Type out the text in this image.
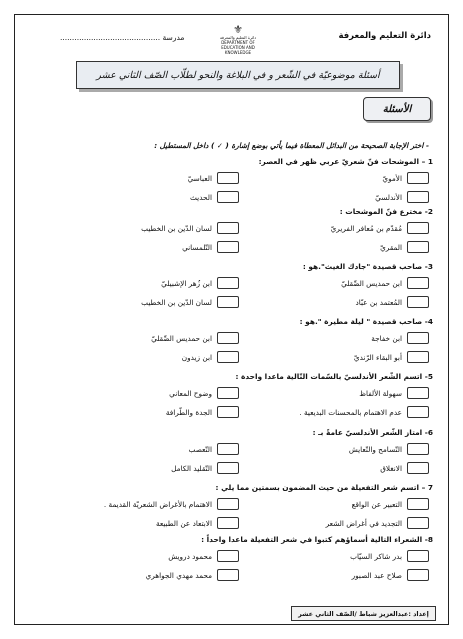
مدرسة ..........................................
⚜
دائرة التعليم والمعرفة
DEPARTMENT OF EDUCATION AND KNOWLEDGE
دائرة التعليم والمعرفة
أسئلة موضوعيّة في الشّعر و في البلاغة والنحو لطلّاب الصّف الثاني عشر
الأسئلة
- اختر الإجابة الصحيحة من البدائل المعطاة فيما يأتي بوضع إشارة ( ✓ ) داخل المستطيل :
1 – الموشحات فنّ شعريّ عربي ظهر في العصر:
الأمويّ
العباسيّ
الأندلسيّ
الحديث
2- مخترع فنّ الموشحات :
مُقدّم بن مُعافر الفريريّ
لسان الدّين بن الخطيب
المقريّ
التّلمساني
3- صاحب قصيدة "جادك الغيث".هو :
ابن حمديس الصِّقليّ
ابن زُهر الإشبيليّ
المُعتمد بن عبّاد
لسان الدّين بن الخطيب
4- صاحب قصيدة " ليلة مطيرة ".هو :
ابن خفاجة
ابن حمديس الصِّقليّ
أبو البقاء الرّنديّ
ابن زيدون
5- اتسم الشّعر الأندلسيّ بالسّمات التّالية ماعدا واحدة :
سهولة الألفاظ
وضوح المعاني
عدم الاهتمام بالمحسنات البديعية .
الجدة والطّرافة
6- امتاز الشّعر الأندلسيّ عامةً بـ :
التّسامح والتّعايش
التّعصب
الانغلاق
التّقليد الكامل
7 – اتسم شعر التفعيلة من حيث المضمون بسمتين مما يلي :
التعبير عن الواقع
الاهتمام بالأغراض الشعريّة القديمة .
التجديد في أغراض الشعر
الابتعاد عن الطبيعة
8- الشعراء التالية أسماؤهم كتبوا في شعر التفعيلة ماعدا واحداً :
بدر شاكر السيّاب
محمود درويش
صلاح عبد الصبور
محمد مهدي الجواهري
إعداد :عبدالعزيز شباط /الصّف الثاني عشر
